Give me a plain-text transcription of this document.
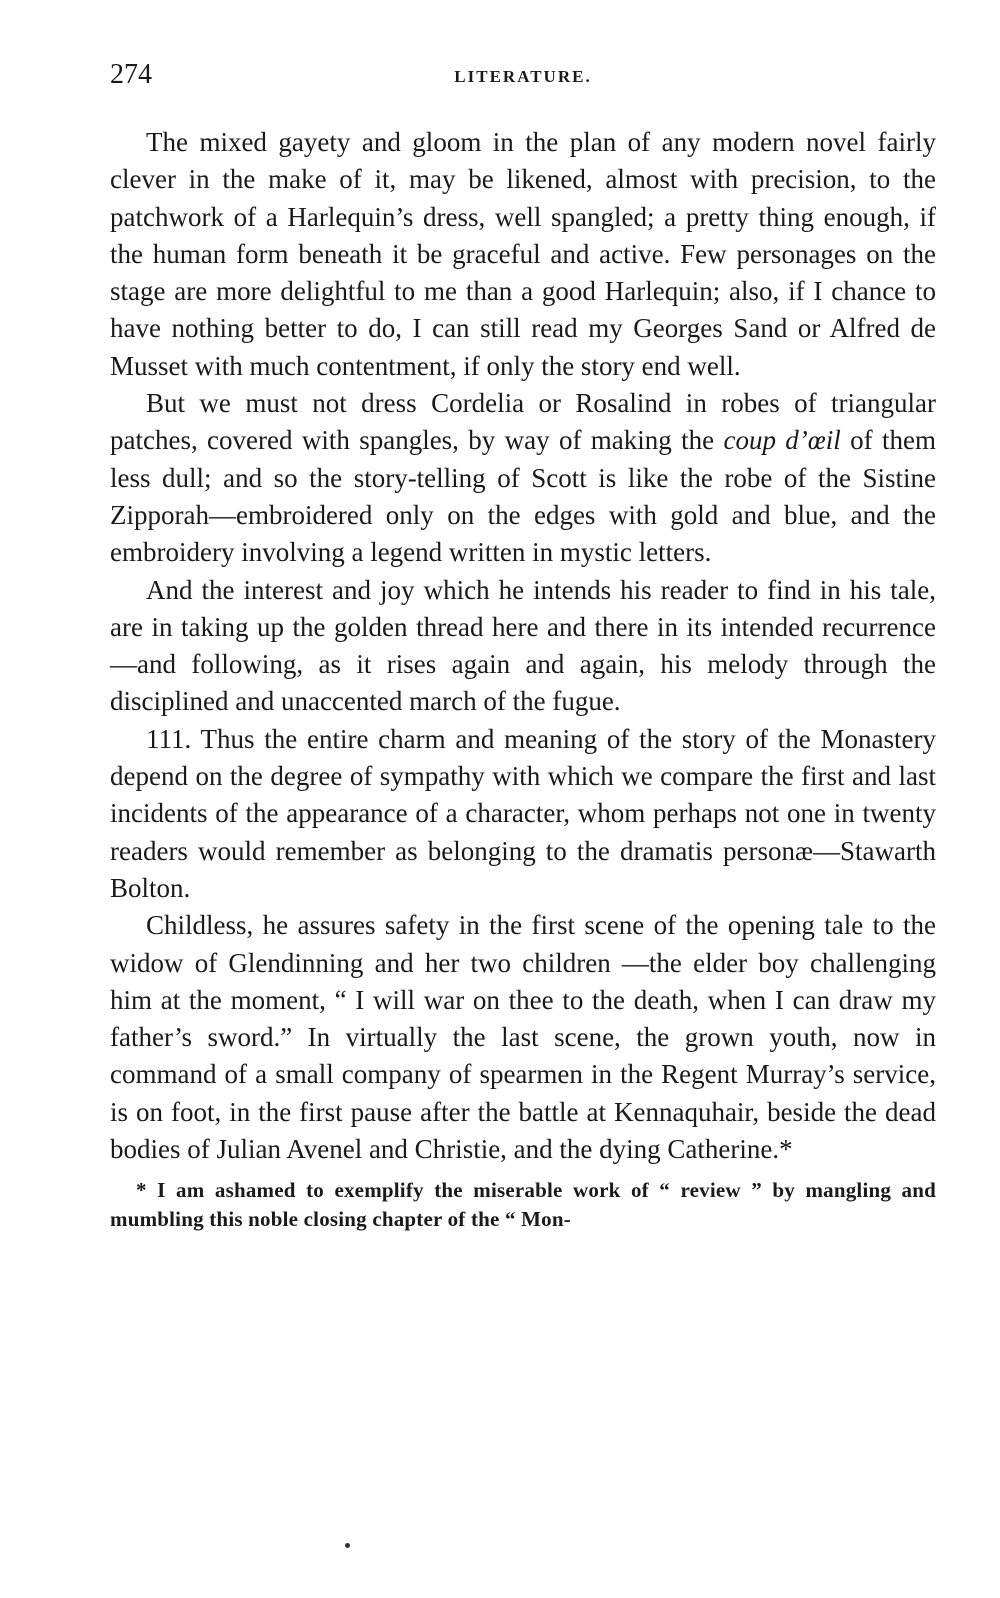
274	LITERATURE.

The mixed gayety and gloom in the plan of any modern novel fairly clever in the make of it, may be likened, almost with precision, to the patchwork of a Harlequin’s dress, well spangled; a pretty thing enough, if the human form beneath it be graceful and active. Few personages on the stage are more delightful to me than a good Harlequin; also, if I chance to have nothing better to do, I can still read my Georges Sand or Alfred de Musset with much contentment, if only the story end well.

But we must not dress Cordelia or Rosalind in robes of triangular patches, covered with spangles, by way of making the coup d’œil of them less dull; and so the story-telling of Scott is like the robe of the Sistine Zipporah—embroidered only on the edges with gold and blue, and the embroidery involving a legend written in mystic letters.

And the interest and joy which he intends his reader to find in his tale, are in taking up the golden thread here and there in its intended recurrence—and following, as it rises again and again, his melody through the disciplined and unaccented march of the fugue.

111. Thus the entire charm and meaning of the story of the Monastery depend on the degree of sympathy with which we compare the first and last incidents of the appearance of a character, whom perhaps not one in twenty readers would remember as belonging to the dramatis personæ—Stawarth Bolton.

Childless, he assures safety in the first scene of the opening tale to the widow of Glendinning and her two children —the elder boy challenging him at the moment, “ I will war on thee to the death, when I can draw my father’s sword.” In virtually the last scene, the grown youth, now in command of a small company of spearmen in the Regent Murray’s service, is on foot, in the first pause after the battle at Kennaquhair, beside the dead bodies of Julian Avenel and Christie, and the dying Catherine.*

* I am ashamed to exemplify the miserable work of “ review ” by mangling and mumbling this noble closing chapter of the “ Mon-
